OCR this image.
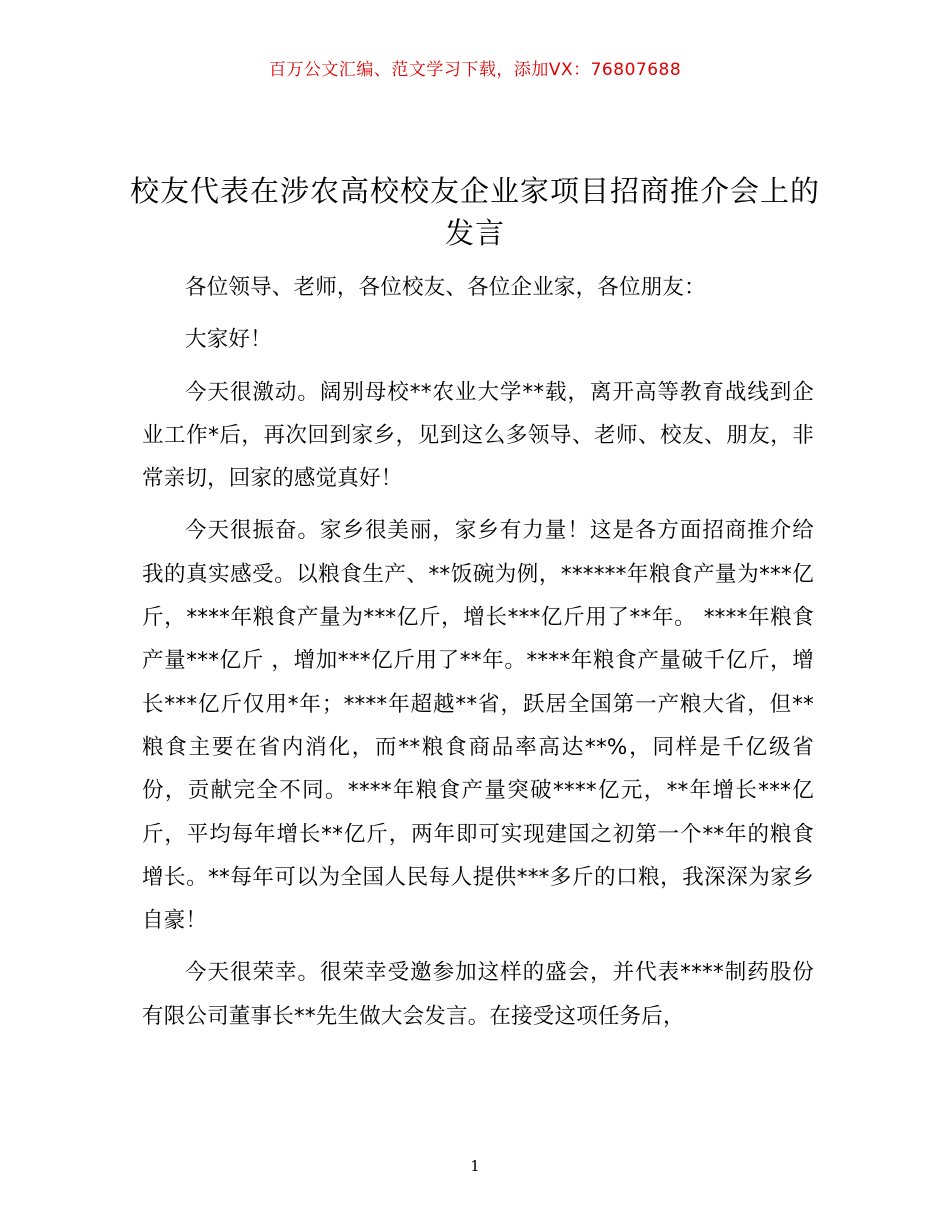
百万公文汇编、范文学习下载，添加VX：76807688
校友代表在涉农高校校友企业家项目招商推介会上的发言

各位领导、老师，各位校友、各位企业家，各位朋友：

大家好！

今天很激动。阔别母校**农业大学**载，离开高等教育战线到企业工作*后，再次回到家乡，见到这么多领导、老师、校友、朋友，非常亲切，回家的感觉真好！

今天很振奋。家乡很美丽，家乡有力量！这是各方面招商推介给我的真实感受。以粮食生产、**饭碗为例，******年粮食产量为***亿斤，****年粮食产量为***亿斤，增长***亿斤用了**年。 ****年粮食产量***亿斤 ，增加***亿斤用了**年。****年粮食产量破千亿斤，增长***亿斤仅用*年；****年超越**省，跃居全国第一产粮大省，但**粮食主要在省内消化，而**粮食商品率高达**%，同样是千亿级省份，贡献完全不同。****年粮食产量突破****亿元，**年增长***亿斤，平均每年增长**亿斤，两年即可实现建国之初第一个**年的粮食增长。**每年可以为全国人民每人提供***多斤的口粮，我深深为家乡自豪！

今天很荣幸。很荣幸受邀参加这样的盛会，并代表****制药股份有限公司董事长**先生做大会发言。在接受这项任务后，

1
